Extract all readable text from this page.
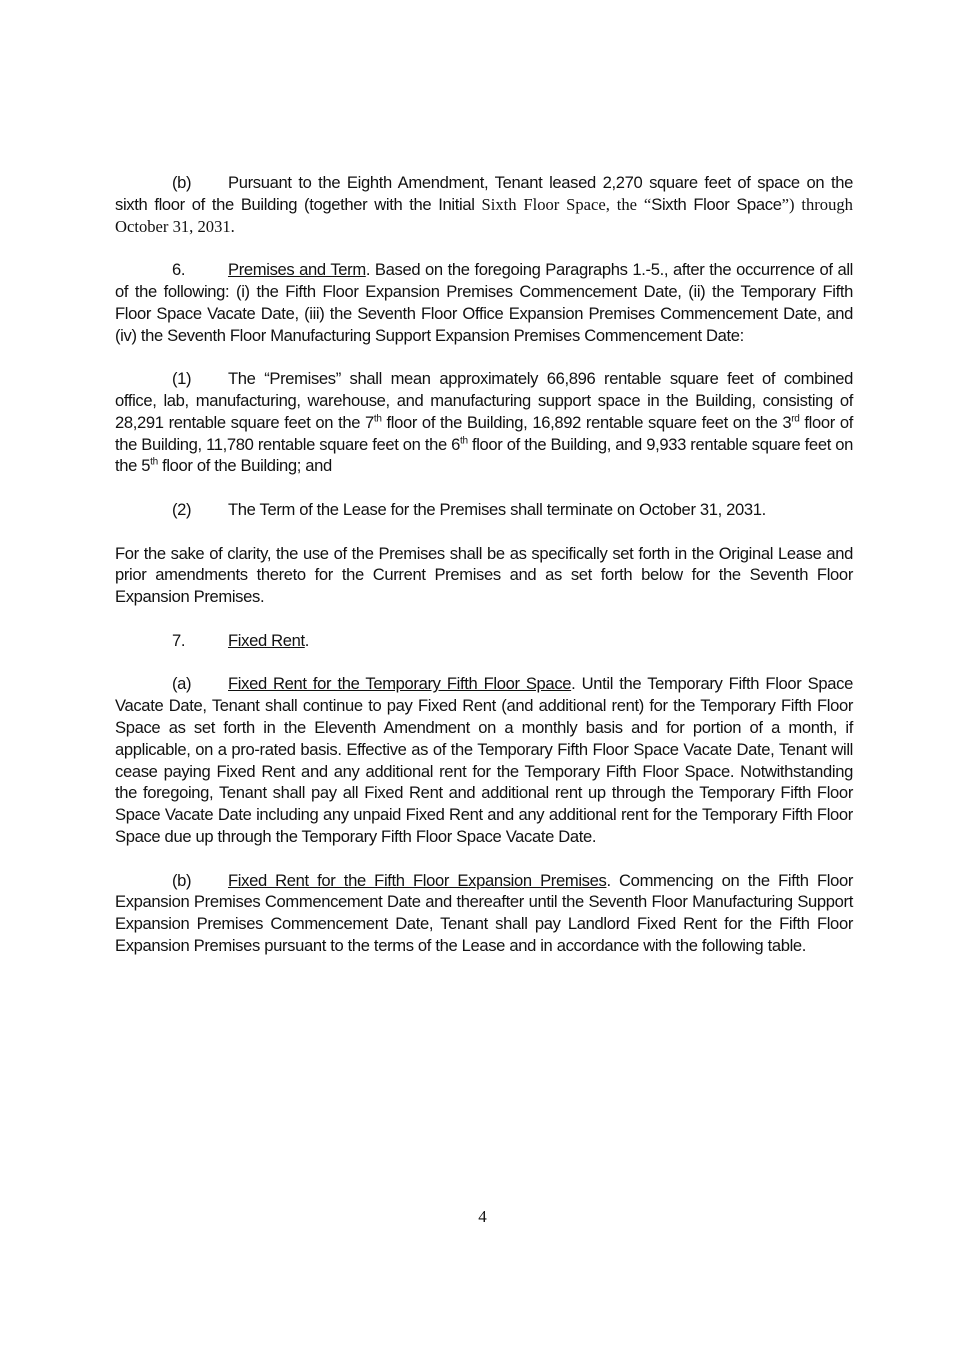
(b) Pursuant to the Eighth Amendment, Tenant leased 2,270 square feet of space on the sixth floor of the Building (together with the Initial Sixth Floor Space, the “Sixth Floor Space”) through October 31, 2031.

6.	Premises and Term. Based on the foregoing Paragraphs 1.-5., after the occurrence of all of the following: (i) the Fifth Floor Expansion Premises Commencement Date, (ii) the Temporary Fifth Floor Space Vacate Date, (iii) the Seventh Floor Office Expansion Premises Commencement Date, and (iv) the Seventh Floor Manufacturing Support Expansion Premises Commencement Date:

(1) The “Premises” shall mean approximately 66,896 rentable square feet of combined office, lab, manufacturing, warehouse, and manufacturing support space in the Building, consisting of 28,291 rentable square feet on the 7th floor of the Building, 16,892 rentable square feet on the 3rd floor of the Building, 11,780 rentable square feet on the 6th floor of the Building, and 9,933 rentable square feet on the 5th floor of the Building; and

(2) The Term of the Lease for the Premises shall terminate on October 31, 2031.

For the sake of clarity, the use of the Premises shall be as specifically set forth in the Original Lease and prior amendments thereto for the Current Premises and as set forth below for the Seventh Floor Expansion Premises.

7.	Fixed Rent.

(a) Fixed Rent for the Temporary Fifth Floor Space. Until the Temporary Fifth Floor Space Vacate Date, Tenant shall continue to pay Fixed Rent (and additional rent) for the Temporary Fifth Floor Space as set forth in the Eleventh Amendment on a monthly basis and for portion of a month, if applicable, on a pro-rated basis. Effective as of the Temporary Fifth Floor Space Vacate Date, Tenant will cease paying Fixed Rent and any additional rent for the Temporary Fifth Floor Space. Notwithstanding the foregoing, Tenant shall pay all Fixed Rent and additional rent up through the Temporary Fifth Floor Space Vacate Date including any unpaid Fixed Rent and any additional rent for the Temporary Fifth Floor Space due up through the Temporary Fifth Floor Space Vacate Date.

(b) Fixed Rent for the Fifth Floor Expansion Premises. Commencing on the Fifth Floor Expansion Premises Commencement Date and thereafter until the Seventh Floor Manufacturing Support Expansion Premises Commencement Date, Tenant shall pay Landlord Fixed Rent for the Fifth Floor Expansion Premises pursuant to the terms of the Lease and in accordance with the following table.

4
